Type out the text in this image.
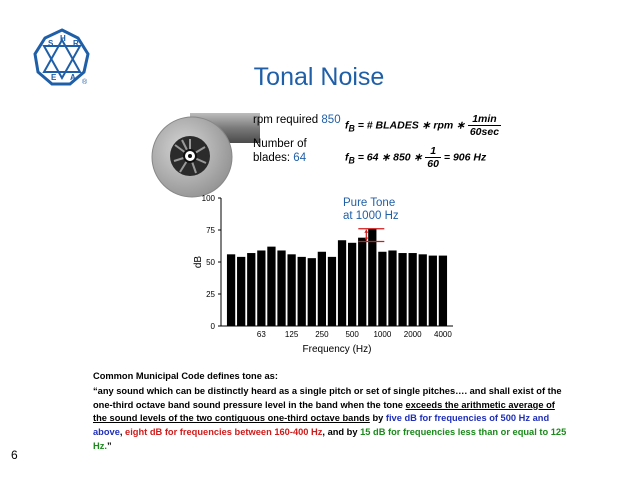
S
H
R
A
E
®	Tonal Noise
rpm required 850
Number of
blades: 64
$f_B$ = # BLADES ∗ rpm ∗ $\frac{1\min}{60\sec}$
$f_B = 64$ ∗ 850 ∗ $\frac{1}{60} = 906$ Hz
Pure Tone
at 1000 Hz
0
25
50
75
100
63 125 250 500 1000 2000 4000
Frequency (Hz)
dB
Common Municipal Code defines tone as:
“any sound which can be distinctly heard as a single pitch or set of single pitches…. and shall exist of the one-third octave band sound pressure level in the band when the tone exceeds the arithmetic average of the sound levels of the two contiguous one-third octave bands by five dB for frequencies of 500 Hz and above, eight dB for frequencies between 160-400 Hz, and by 15 dB for frequencies less than or equal to 125 Hz.”
6
